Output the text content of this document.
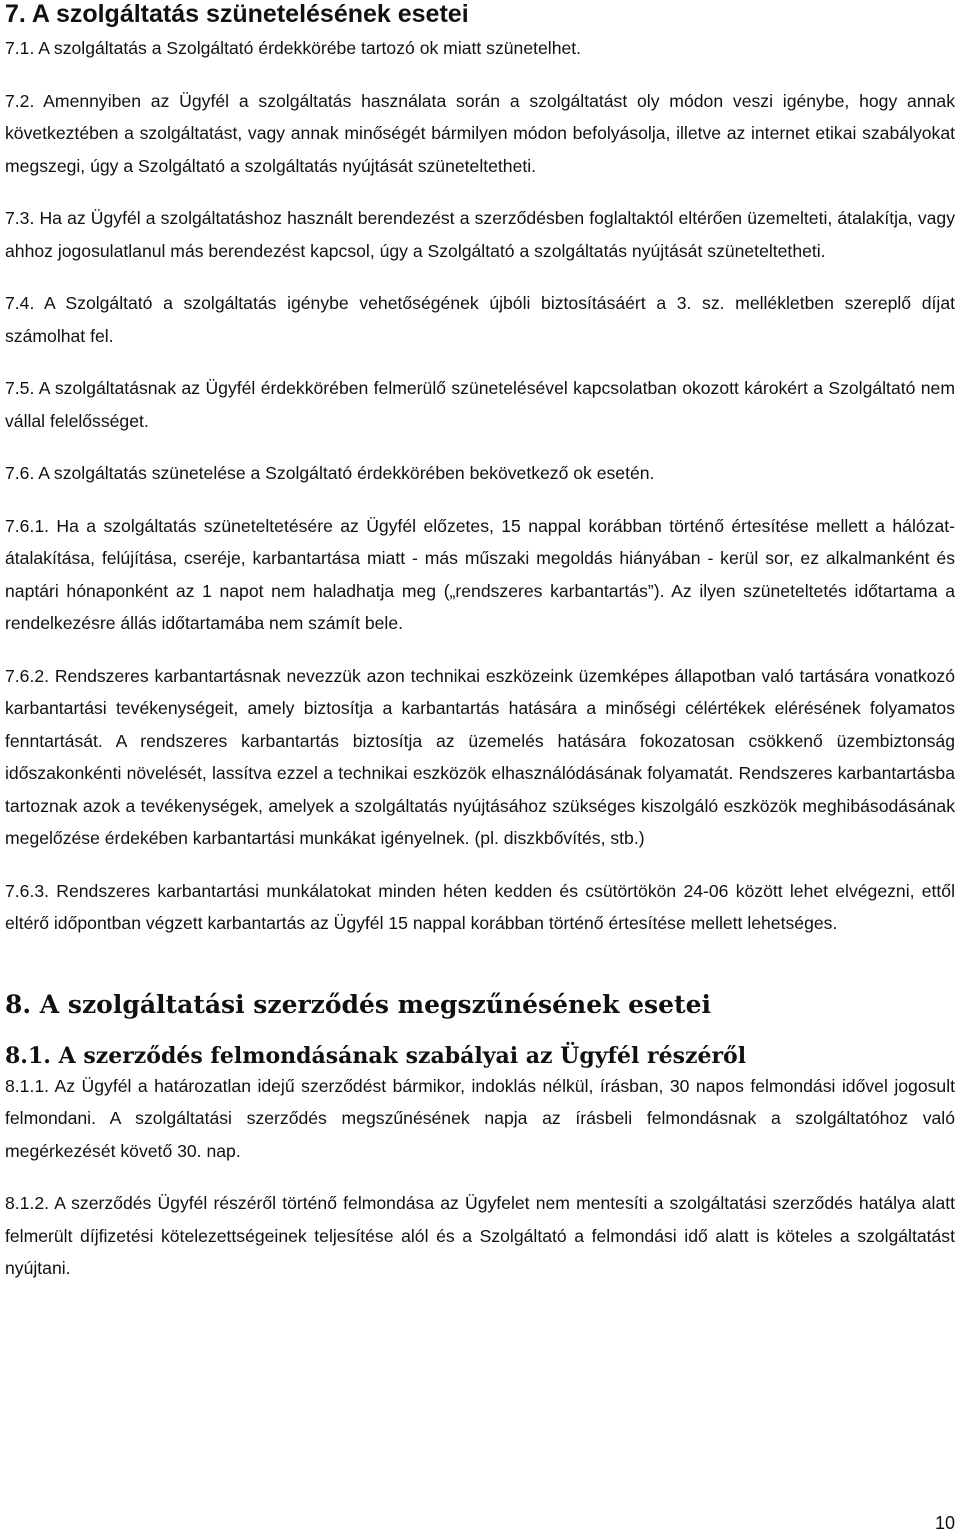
7. A szolgáltatás szünetelésének esetei

7.1. A szolgáltatás a Szolgáltató érdekkörébe tartozó ok miatt szünetelhet.

7.2. Amennyiben az Ügyfél a szolgáltatás használata során a szolgáltatást oly módon veszi igénybe, hogy annak következtében a szolgáltatást, vagy annak minőségét bármilyen módon befolyásolja, illetve az internet etikai szabályokat megszegi, úgy a Szolgáltató a szolgáltatás nyújtását szüneteltetheti.

7.3. Ha az Ügyfél a szolgáltatáshoz használt berendezést a szerződésben foglaltaktól eltérően üzemelteti, átalakítja, vagy ahhoz jogosulatlanul más berendezést kapcsol, úgy a Szolgáltató a szolgáltatás nyújtását szüneteltetheti.

7.4. A Szolgáltató a szolgáltatás igénybe vehetőségének újbóli biztosításáért a 3. sz. mellékletben szereplő díjat számolhat fel.

7.5. A szolgáltatásnak az Ügyfél érdekkörében felmerülő szünetelésével kapcsolatban okozott károkért a Szolgáltató nem vállal felelősséget.

7.6. A szolgáltatás szünetelése a Szolgáltató érdekkörében bekövetkező ok esetén.

7.6.1. Ha a szolgáltatás szüneteltetésére az Ügyfél előzetes, 15 nappal korábban történő értesítése mellett a hálózat-átalakítása, felújítása, cseréje, karbantartása miatt - más műszaki megoldás hiányában - kerül sor, ez alkalmanként és naptári hónaponként az 1 napot nem haladhatja meg („rendszeres karbantartás”). Az ilyen szüneteltetés időtartama a rendelkezésre állás időtartamába nem számít bele.

7.6.2. Rendszeres karbantartásnak nevezzük azon technikai eszközeink üzemképes állapotban való tartására vonatkozó karbantartási tevékenységeit, amely biztosítja a karbantartás hatására a minőségi célértékek elérésének folyamatos fenntartását. A rendszeres karbantartás biztosítja az üzemelés hatására fokozatosan csökkenő üzembiztonság időszakonkénti növelését, lassítva ezzel a technikai eszközök elhasználódásának folyamatát. Rendszeres karbantartásba tartoznak azok a tevékenységek, amelyek a szolgáltatás nyújtásához szükséges kiszolgáló eszközök meghibásodásának megelőzése érdekében karbantartási munkákat igényelnek. (pl. diszkbővítés, stb.)

7.6.3. Rendszeres karbantartási munkálatokat minden héten kedden és csütörtökön 24-06 között lehet elvégezni, ettől eltérő időpontban végzett karbantartás az Ügyfél 15 nappal korábban történő értesítése mellett lehetséges.

8. A szolgáltatási szerződés megszűnésének esetei
8.1. A szerződés felmondásának szabályai az Ügyfél részéről

8.1.1. Az Ügyfél a határozatlan idejű szerződést bármikor, indoklás nélkül, írásban, 30 napos felmondási idővel jogosult felmondani. A szolgáltatási szerződés megszűnésének napja az írásbeli felmondásnak a szolgáltatóhoz való megérkezését követő 30. nap.

8.1.2. A szerződés Ügyfél részéről történő felmondása az Ügyfelet nem mentesíti a szolgáltatási szerződés hatálya alatt felmerült díjfizetési kötelezettségeinek teljesítése alól és a Szolgáltató a felmondási idő alatt is köteles a szolgáltatást nyújtani.

10
